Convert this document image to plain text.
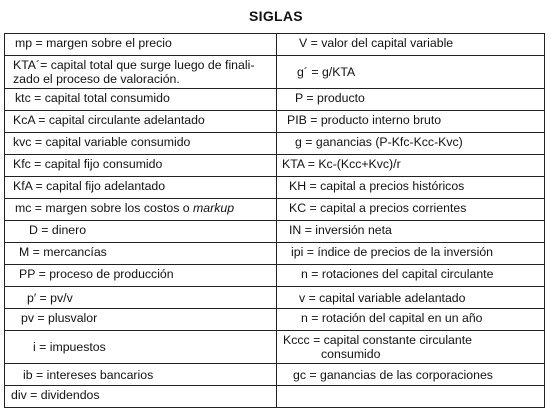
SIGLAS
mp = margen sobre el precio	V = valor del capital variable
KTA´= capital total que surge luego de finali-
zado el proceso de valoración.	g´ = g/KTA
ktc = capital total consumido	P = producto
KcA = capital circulante adelantado	PIB = producto interno bruto
kvc = capital variable consumido	g = ganancias (P-Kfc-Kcc-Kvc)
Kfc = capital fijo consumido	KTA = Kc-(Kcc+Kvc)/r
KfA = capital fijo adelantado	KH = capital a precios históricos
mc = margen sobre los costos o markup	KC = capital a precios corrientes
D = dinero	IN = inversión neta
M = mercancías	ipi = índice de precios de la inversión
PP = proceso de producción	n = rotaciones del capital circulante
p′ = pv/v	v = capital variable adelantado
pv = plusvalor	n = rotación del capital en un año
i = impuestos	Kccc = capital constante circulante
consumido

ib = intereses bancarios	gc = ganancias de las corporaciones
div = dividendos	
